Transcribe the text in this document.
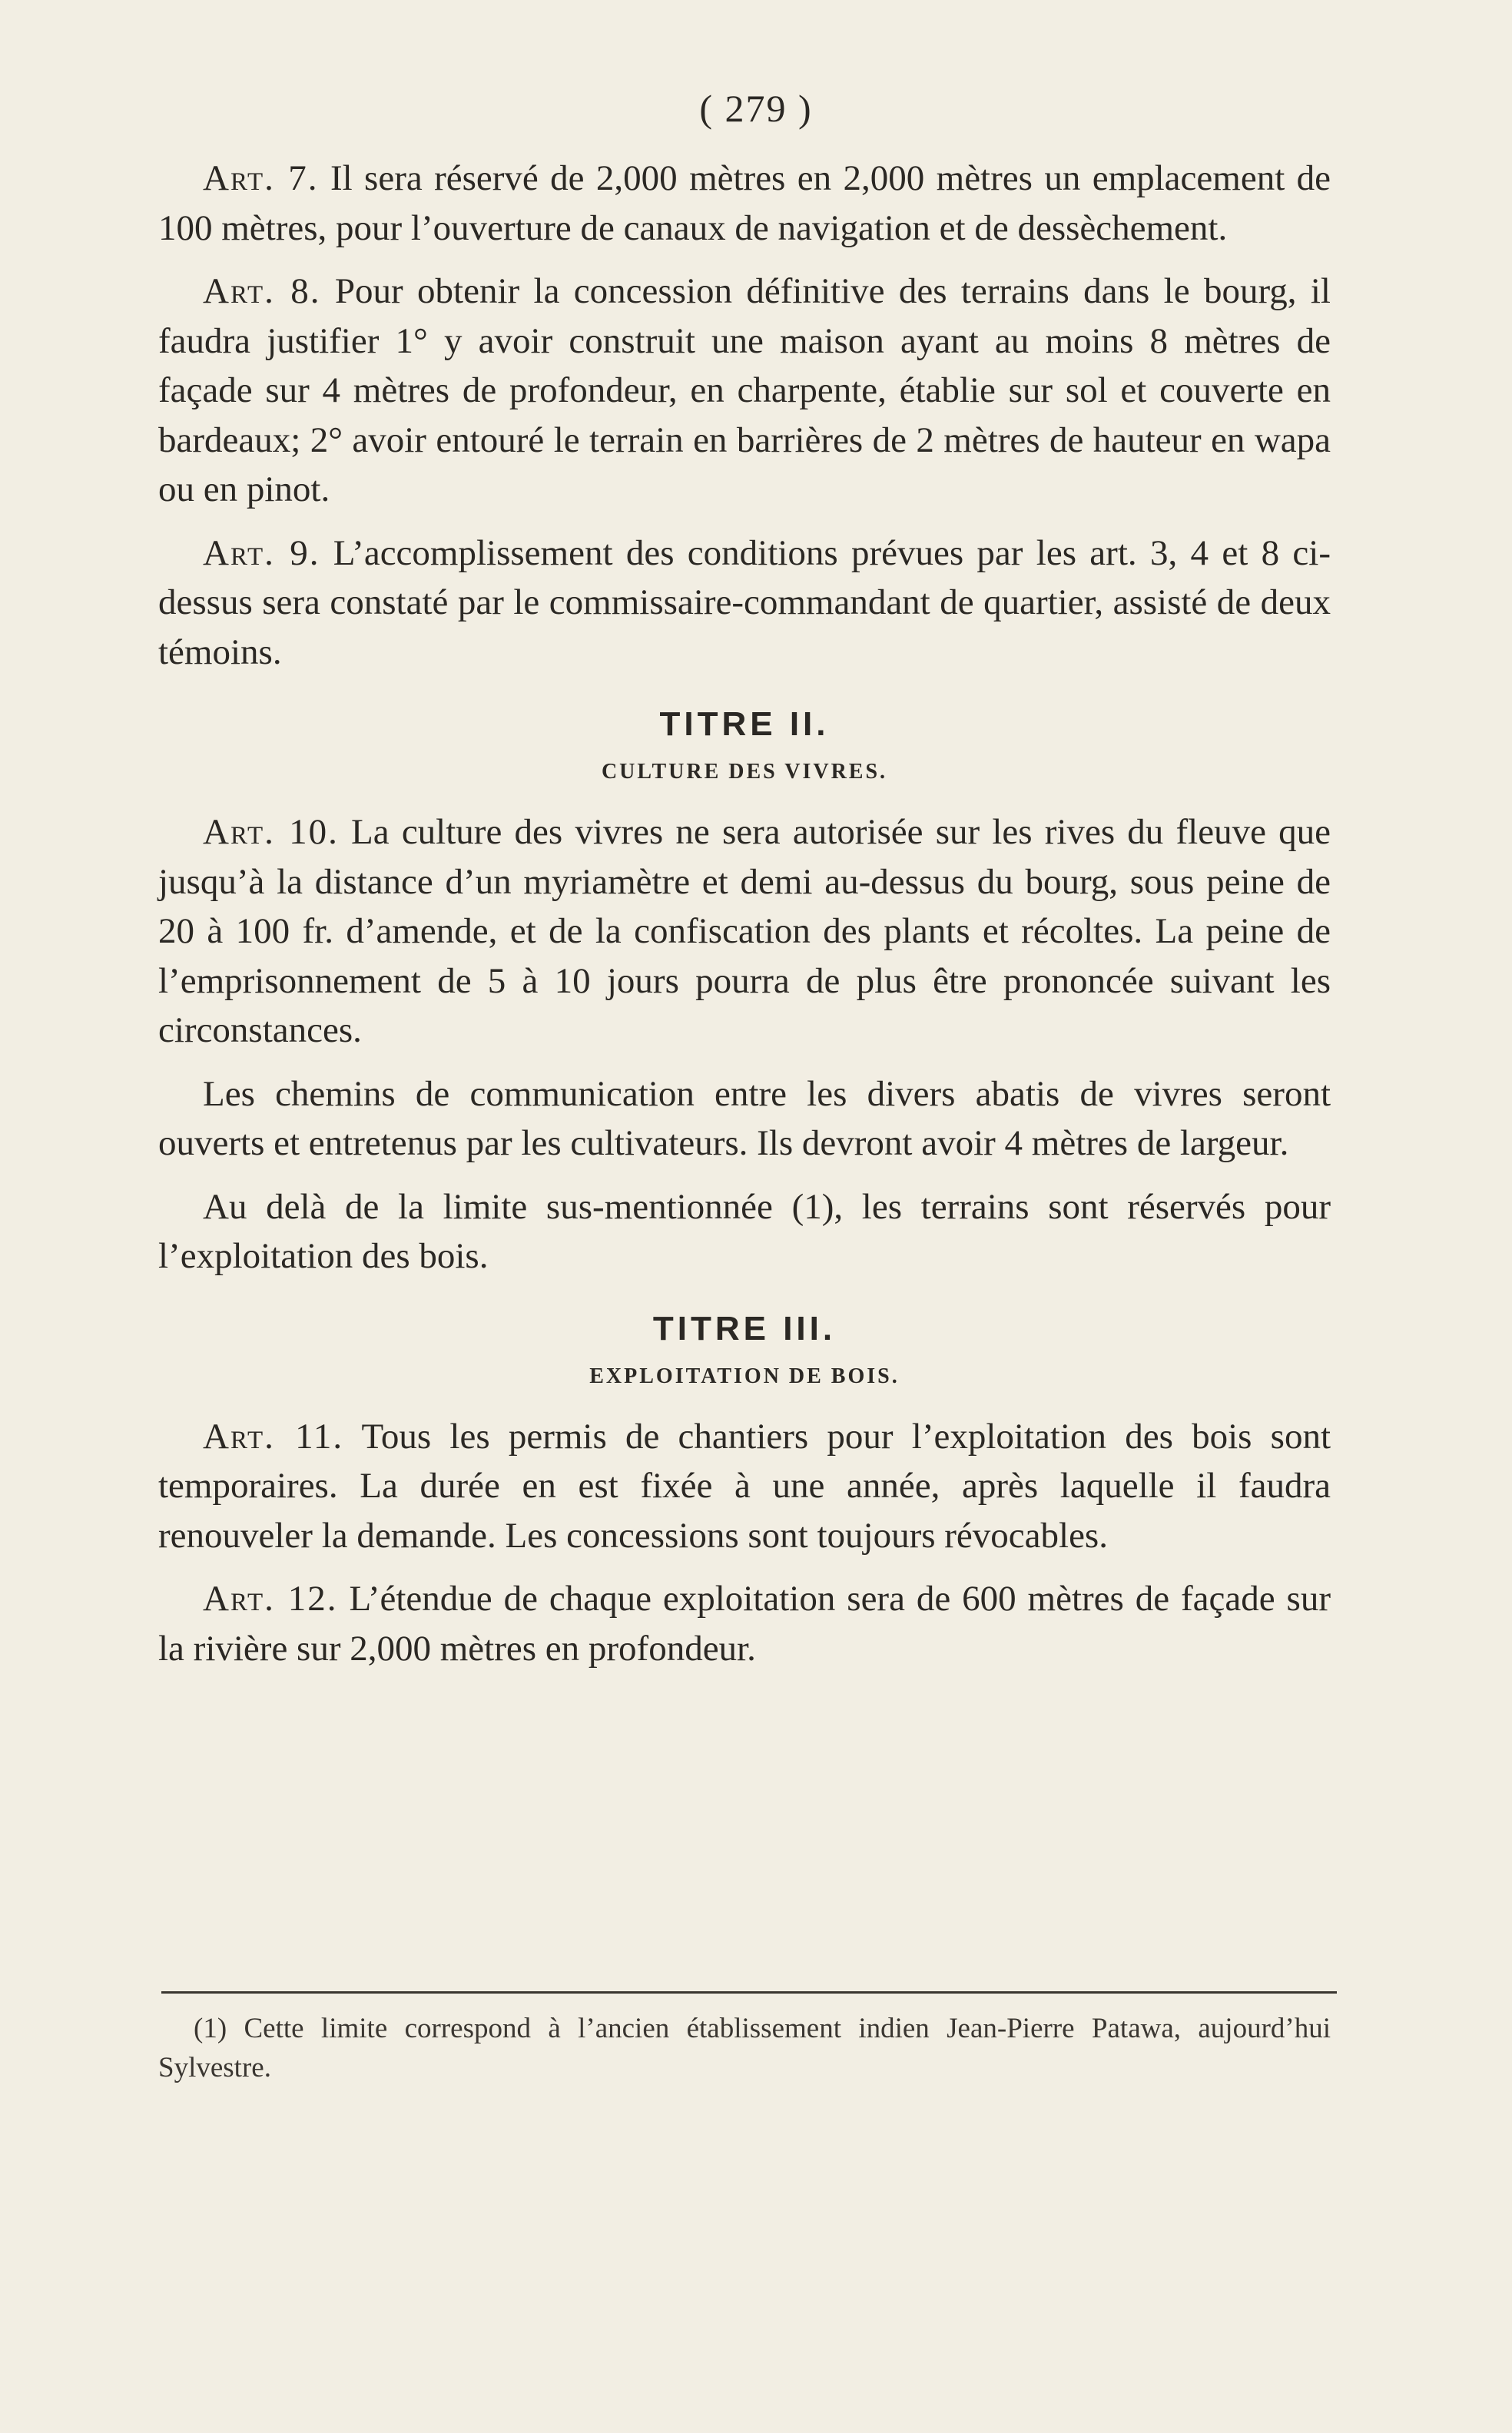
( 279 )

Art. 7. Il sera réservé de 2,000 mètres en 2,000 mètres un emplacement de 100 mètres, pour l’ouverture de canaux de navigation et de dessèchement.

Art. 8. Pour obtenir la concession définitive des terrains dans le bourg, il faudra justifier 1° y avoir construit une maison ayant au moins 8 mètres de façade sur 4 mètres de profondeur, en charpente, établie sur sol et couverte en bardeaux; 2° avoir entouré le terrain en barrières de 2 mètres de hauteur en wapa ou en pinot.

Art. 9. L’accomplissement des conditions prévues par les art. 3, 4 et 8 ci-dessus sera constaté par le commissaire-commandant de quartier, assisté de deux témoins.

TITRE II.
CULTURE DES VIVRES.

Art. 10. La culture des vivres ne sera autorisée sur les rives du fleuve que jusqu’à la distance d’un myriamètre et demi au-dessus du bourg, sous peine de 20 à 100 fr. d’amende, et de la confiscation des plants et récoltes. La peine de l’emprisonnement de 5 à 10 jours pourra de plus être prononcée suivant les circonstances.

Les chemins de communication entre les divers abatis de vivres seront ouverts et entretenus par les cultivateurs. Ils devront avoir 4 mètres de largeur.

Au delà de la limite sus-mentionnée (1), les terrains sont réservés pour l’exploitation des bois.

TITRE III.
EXPLOITATION DE BOIS.

Art. 11. Tous les permis de chantiers pour l’exploitation des bois sont temporaires. La durée en est fixée à une année, après laquelle il faudra renouveler la demande. Les concessions sont toujours révocables.

Art. 12. L’étendue de chaque exploitation sera de 600 mètres de façade sur la rivière sur 2,000 mètres en profondeur.

(1) Cette limite correspond à l’ancien établissement indien Jean-Pierre Patawa, aujourd’hui Sylvestre.
